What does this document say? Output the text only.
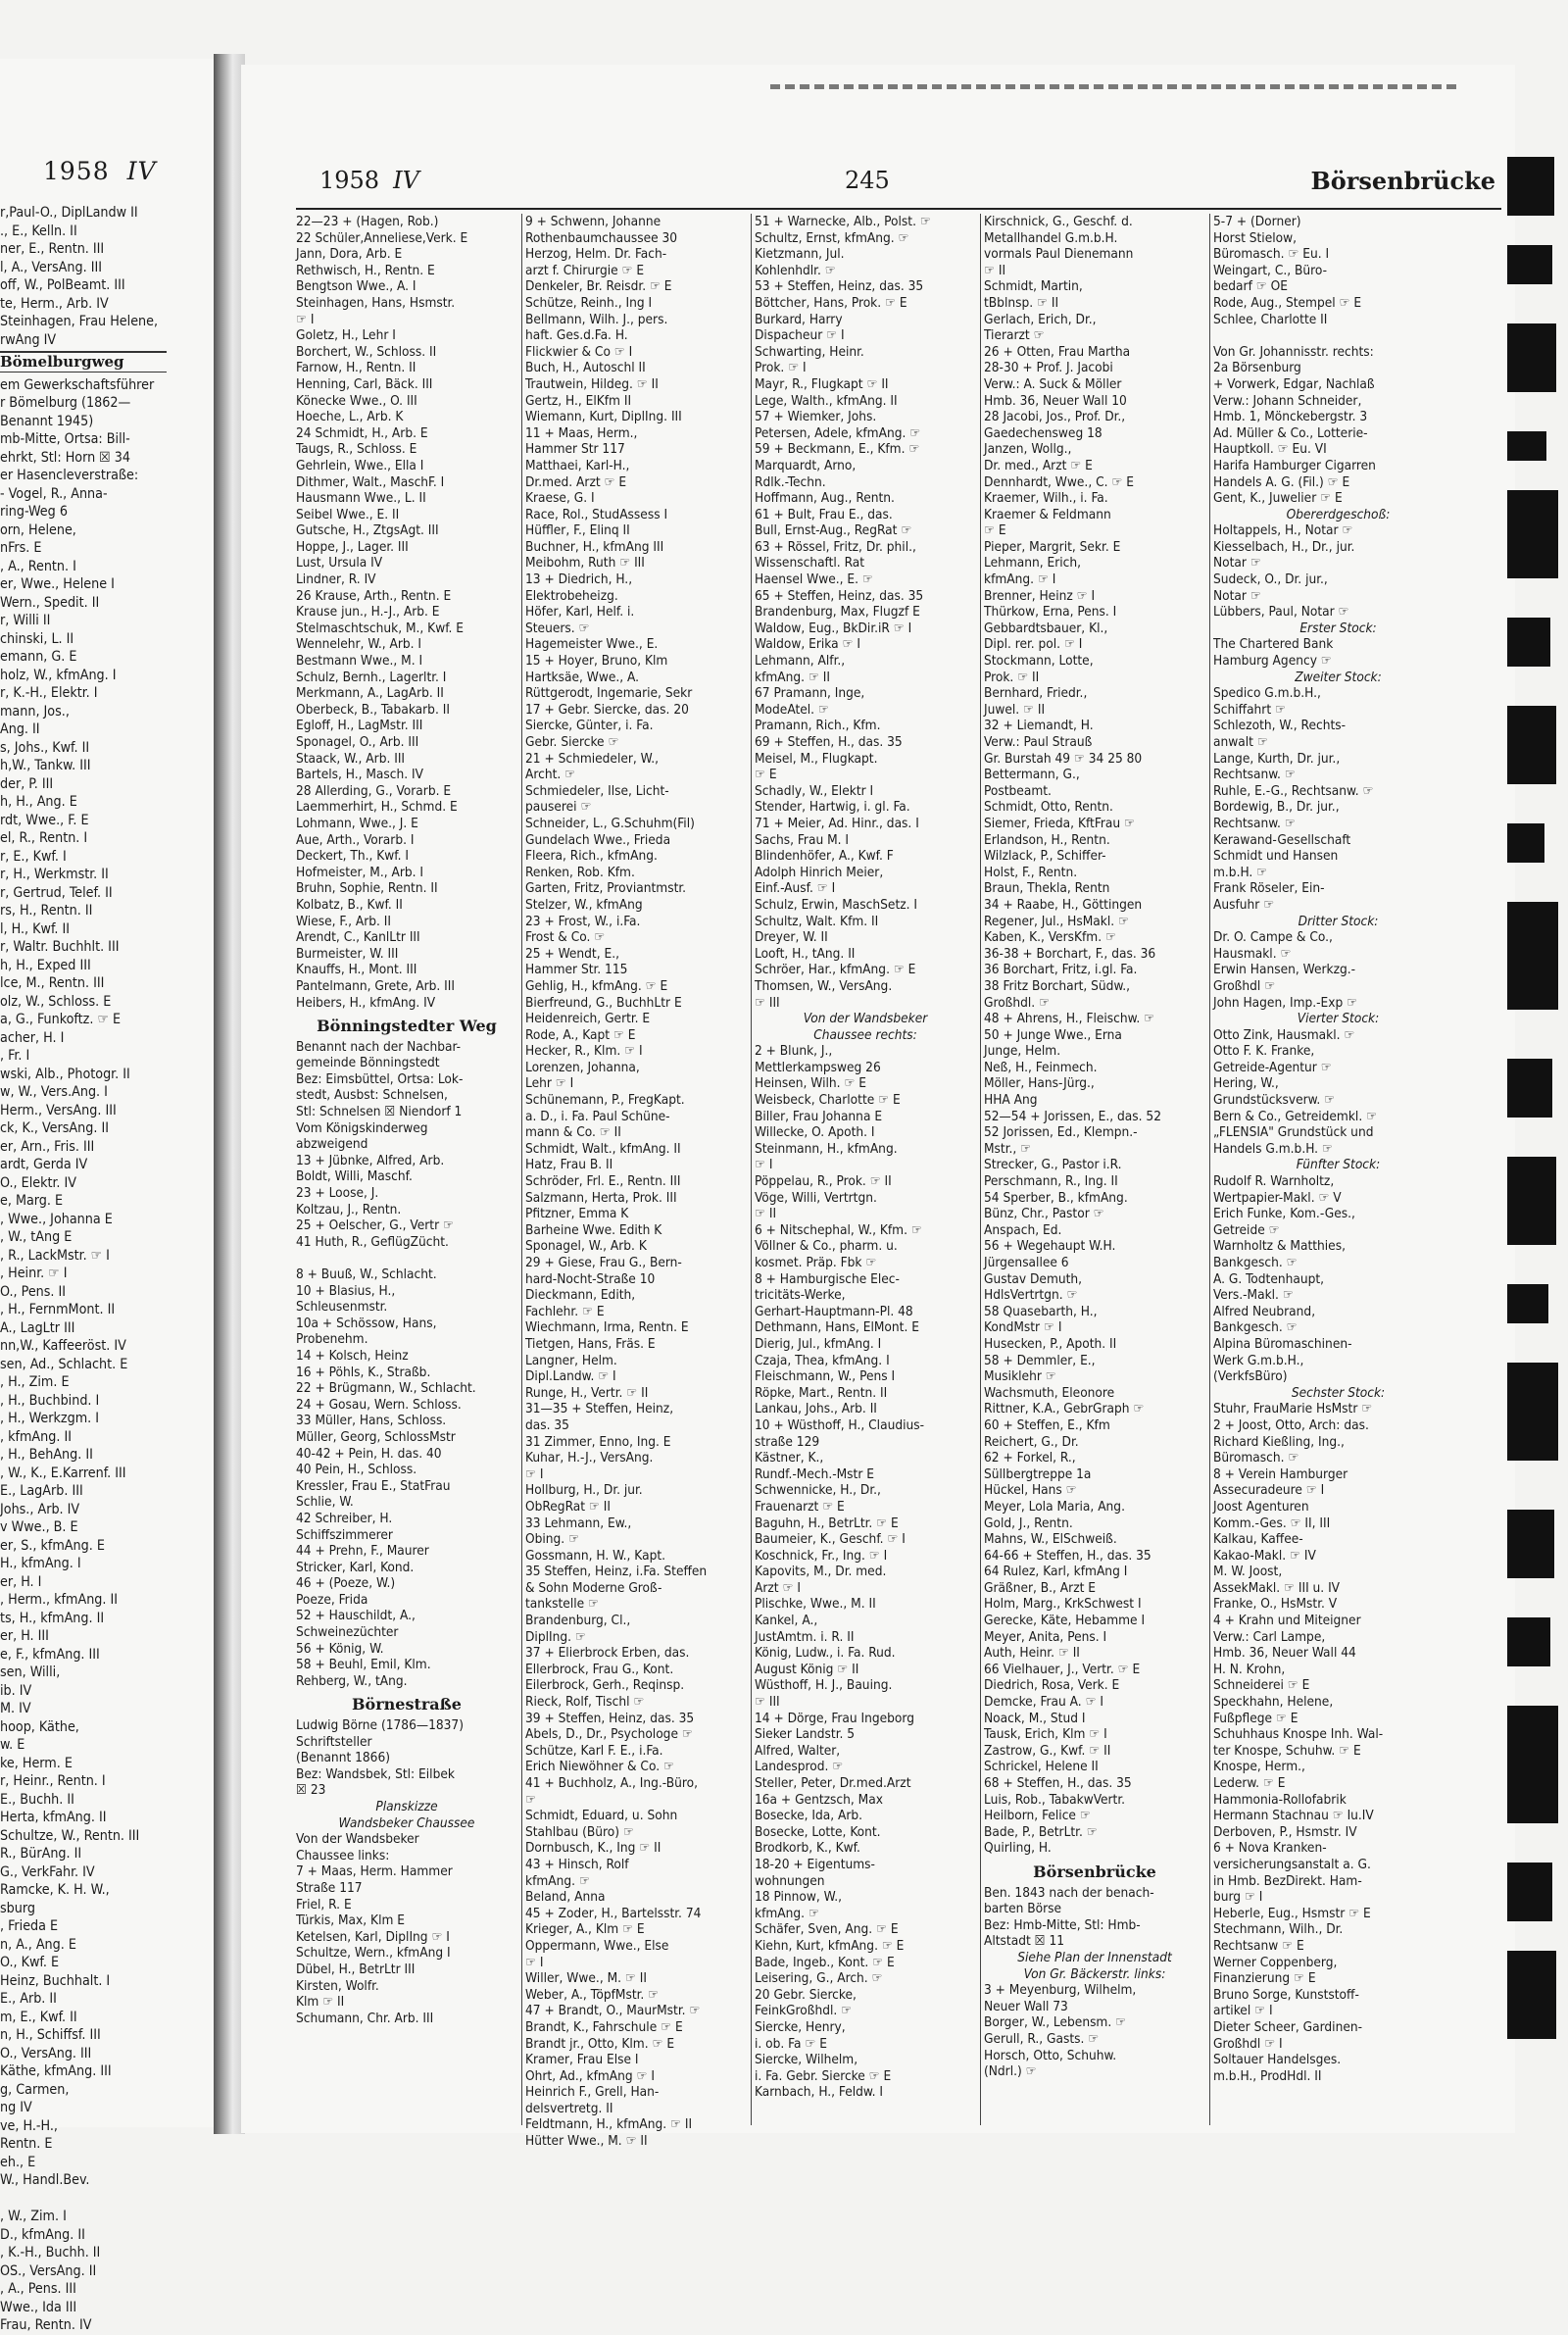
1958 IV
r,Paul-O., DiplLandw II
., E., Kelln. II
ner, E., Rentn. III
l, A., VersAng. III
off, W., PolBeamt. III
te, Herm., Arb. IV
Steinhagen, Frau Helene,
rwAng IV
Bömelburgweg
em Gewerkschaftsführer
r Bömelburg (1862—
Benannt 1945)
mb-Mitte, Ortsa: Bill-
ehrkt, Stl: Horn ☒ 34
er Hasencleverstraße:
- Vogel, R., Anna-
ring-Weg 6
orn, Helene,
nFrs. E
, A., Rentn. I
er, Wwe., Helene I
Wern., Spedit. II
r, Willi II
chinski, L. II
emann, G. E
holz, W., kfmAng. I
r, K.-H., Elektr. I
mann, Jos.,
Ang. II
s, Johs., Kwf. II
h,W., Tankw. III
der, P. III
h, H., Ang. E
rdt, Wwe., F. E
el, R., Rentn. I
r, E., Kwf. I
r, H., Werkmstr. II
r, Gertrud, Telef. II
rs, H., Rentn. II
l, H., Kwf. II
r, Waltr. Buchhlt. III
h, H., Exped III
lce, M., Rentn. III
olz, W., Schloss. E
a, G., Funkoftz. ☞ E
acher, H. I
, Fr. I
wski, Alb., Photogr. II
w, W., Vers.Ang. I
Herm., VersAng. III
ck, K., VersAng. II
er, Arn., Fris. III
ardt, Gerda IV
O., Elektr. IV
e, Marg. E
, Wwe., Johanna E
, W., tAng E
, R., LackMstr. ☞ I
, Heinr. ☞ I
O., Pens. II
, H., FernmMont. II
A., LagLtr III
nn,W., Kaffeeröst. IV
sen, Ad., Schlacht. E
, H., Zim. E
, H., Buchbind. I
, H., Werkzgm. I
, kfmAng. II
, H., BehAng. II
, W., K., E.Karrenf. III
E., LagArb. III
Johs., Arb. IV
v Wwe., B. E
er, S., kfmAng. E
H., kfmAng. I
er, H. I
, Herm., kfmAng. II
ts, H., kfmAng. II
er, H. III
e, F., kfmAng. III
sen, Willi,
ib. IV
M. IV
hoop, Käthe,
w. E
ke, Herm. E
r, Heinr., Rentn. I
E., Buchh. II
Herta, kfmAng. II
Schultze, W., Rentn. III
R., BürAng. II
G., VerkFahr. IV
Ramcke, K. H. W.,
sburg
, Frieda E
n, A., Ang. E
O., Kwf. E
Heinz, Buchhalt. I
E., Arb. II
m, E., Kwf. II
n, H., Schiffsf. III
O., VersAng. III
Käthe, kfmAng. III
g, Carmen,
ng IV
ve, H.-H.,
Rentn. E
eh., E
W., Handl.Bev.

, W., Zim. I
D., kfmAng. II
, K.-H., Buchh. II
OS., VersAng. II
, A., Pens. III
Wwe., Ida III
Frau, Rentn. IV
1958 IV	245	Börsenbrücke
22—23 + (Hagen, Rob.)
22 Schüler,Anneliese,Verk. E
Jann, Dora, Arb. E
Rethwisch, H., Rentn. E
Bengtson Wwe., A. I
Steinhagen, Hans, Hsmstr.
☞ I
Goletz, H., Lehr I
Borchert, W., Schloss. II
Farnow, H., Rentn. II
Henning, Carl, Bäck. III
Könecke Wwe., O. III
Hoeche, L., Arb. K
24 Schmidt, H., Arb. E
Taugs, R., Schloss. E
Gehrlein, Wwe., Ella I
Dithmer, Walt., MaschF. I
Hausmann Wwe., L. II
Seibel Wwe., E. II
Gutsche, H., ZtgsAgt. III
Hoppe, J., Lager. III
Lust, Ursula IV
Lindner, R. IV
26 Krause, Arth., Rentn. E
Krause jun., H.-J., Arb. E
Stelmaschtschuk, M., Kwf. E
Wennelehr, W., Arb. I
Bestmann Wwe., M. I
Schulz, Bernh., Lagerltr. I
Merkmann, A., LagArb. II
Oberbeck, B., Tabakarb. II
Egloff, H., LagMstr. III
Sponagel, O., Arb. III
Staack, W., Arb. III
Bartels, H., Masch. IV
28 Allerding, G., Vorarb. E
Laemmerhirt, H., Schmd. E
Lohmann, Wwe., J. E
Aue, Arth., Vorarb. I
Deckert, Th., Kwf. I
Hofmeister, M., Arb. I
Bruhn, Sophie, Rentn. II
Kolbatz, B., Kwf. II
Wiese, F., Arb. II
Arendt, C., KanlLtr III
Burmeister, W. III
Knauffs, H., Mont. III
Pantelmann, Grete, Arb. III
Heibers, H., kfmAng. IV
Bönningstedter Weg
Benannt nach der Nachbar-
gemeinde Bönningstedt
Bez: Eimsbüttel, Ortsa: Lok-
stedt, Ausbst: Schnelsen,
Stl: Schnelsen ☒ Niendorf 1
Vom Königskinderweg
abzweigend
13 + Jübnke, Alfred, Arb.
Boldt, Willi, Maschf.
23 + Loose, J.
Koltzau, J., Rentn.
25 + Oelscher, G., Vertr ☞
41 Huth, R., GeflügZücht.

8 + Buuß, W., Schlacht.
10 + Blasius, H.,
Schleusenmstr.
10a + Schössow, Hans,
Probenehm.
14 + Kolsch, Heinz
16 + Pöhls, K., Straßb.
22 + Brügmann, W., Schlacht.
24 + Gosau, Wern. Schloss.
33 Müller, Hans, Schloss.
Müller, Georg, SchlossMstr
40-42 + Pein, H. das. 40
40 Pein, H., Schloss.
Kressler, Frau E., StatFrau
Schlie, W.
42 Schreiber, H.
Schiffszimmerer
44 + Prehn, F., Maurer
Stricker, Karl, Kond.
46 + (Poeze, W.)
Poeze, Frida
52 + Hauschildt, A.,
Schweinezüchter
56 + König, W.
58 + Beuhl, Emil, Klm.
Rehberg, W., tAng.
Börnestraße
Ludwig Börne (1786—1837)
Schriftsteller
(Benannt 1866)
Bez: Wandsbek, Stl: Eilbek
☒ 23
Planskizze
Wandsbeker Chaussee
Von der Wandsbeker
Chaussee links:
7 + Maas, Herm. Hammer
Straße 117
Friel, R. E
Türkis, Max, Klm E
Ketelsen, Karl, DiplIng ☞ I
Schultze, Wern., kfmAng I
Dübel, H., BetrLtr III
Kirsten, Wolfr.
Klm ☞ II
Schumann, Chr. Arb. III
9 + Schwenn, Johanne
Rothenbaumchaussee 30
Herzog, Helm. Dr. Fach-
arzt f. Chirurgie ☞ E
Denkeler, Br. Reisdr. ☞ E
Schütze, Reinh., Ing I
Bellmann, Wilh. J., pers.
haft. Ges.d.Fa. H.
Flickwier & Co ☞ I
Buch, H., Autoschl II
Trautwein, Hildeg. ☞ II
Gertz, H., ElKfm II
Wiemann, Kurt, DiplIng. III
11 + Maas, Herm.,
Hammer Str 117
Matthaei, Karl-H.,
Dr.med. Arzt ☞ E
Kraese, G. I
Race, Rol., StudAssess I
Hüffler, F., Elinq II
Buchner, H., kfmAng III
Meibohm, Ruth ☞ III
13 + Diedrich, H.,
Elektrobeheizg.
Höfer, Karl, Helf. i.
Steuers. ☞
Hagemeister Wwe., E.
15 + Hoyer, Bruno, Klm
Hartksäe, Wwe., A.
Rüttgerodt, Ingemarie, Sekr
17 + Gebr. Siercke, das. 20
Siercke, Günter, i. Fa.
Gebr. Siercke ☞
21 + Schmiedeler, W.,
Archt. ☞
Schmiedeler, Ilse, Licht-
pauserei ☞
Schneider, L., G.Schuhm(Fil)
Gundelach Wwe., Frieda
Fleera, Rich., kfmAng.
Renken, Rob. Kfm.
Garten, Fritz, Proviantmstr.
Stelzer, W., kfmAng
23 + Frost, W., i.Fa.
Frost & Co. ☞
25 + Wendt, E.,
Hammer Str. 115
Gehlig, H., kfmAng. ☞ E
Bierfreund, G., BuchhLtr E
Heidenreich, Gertr. E
Rode, A., Kapt ☞ E
Hecker, R., Klm. ☞ I
Lorenzen, Johanna,
Lehr ☞ I
Schünemann, P., FregKapt.
a. D., i. Fa. Paul Schüne-
mann & Co. ☞ II
Schmidt, Walt., kfmAng. II
Hatz, Frau B. II
Schröder, Frl. E., Rentn. III
Salzmann, Herta, Prok. III
Pfitzner, Emma K
Barheine Wwe. Edith K
Sponagel, W., Arb. K
29 + Giese, Frau G., Bern-
hard-Nocht-Straße 10
Dieckmann, Edith,
Fachlehr. ☞ E
Wiechmann, Irma, Rentn. E
Tietgen, Hans, Fräs. E
Langner, Helm.
Dipl.Landw. ☞ I
Runge, H., Vertr. ☞ II
31—35 + Steffen, Heinz,
das. 35
31 Zimmer, Enno, Ing. E
Kuhar, H.-J., VersAng.
☞ I
Hollburg, H., Dr. jur.
ObRegRat ☞ II
33 Lehmann, Ew.,
Obing. ☞
Gossmann, H. W., Kapt.
35 Steffen, Heinz, i.Fa. Steffen
& Sohn Moderne Groß-
tankstelle ☞
Brandenburg, Cl.,
DiplIng. ☞
37 + Elierbrock Erben, das.
Ellerbrock, Frau G., Kont.
Eilerbrock, Gerh., Reqinsp.
Rieck, Rolf, Tischl ☞
39 + Steffen, Heinz, das. 35
Abels, D., Dr., Psychologe ☞
Schütze, Karl F. E., i.Fa.
Erich Niewöhner & Co. ☞
41 + Buchholz, A., Ing.-Büro,
☞
Schmidt, Eduard, u. Sohn
Stahlbau (Büro) ☞
Dornbusch, K., Ing ☞ II
43 + Hinsch, Rolf
kfmAng. ☞
Beland, Anna
45 + Zoder, H., Bartelsstr. 74
Krieger, A., Klm ☞ E
Oppermann, Wwe., Else
☞ I
Willer, Wwe., M. ☞ II
Weber, A., TöpfMstr. ☞
47 + Brandt, O., MaurMstr. ☞
Brandt, K., Fahrschule ☞ E
Brandt jr., Otto, Klm. ☞ E
Kramer, Frau Else I
Ohrt, Ad., kfmAng ☞ I
Heinrich F., Grell, Han-
delsvertretg. II
Feldtmann, H., kfmAng. ☞ II
Hütter Wwe., M. ☞ II
51 + Warnecke, Alb., Polst. ☞
Schultz, Ernst, kfmAng. ☞
Kietzmann, Jul.
Kohlenhdlr. ☞
53 + Steffen, Heinz, das. 35
Böttcher, Hans, Prok. ☞ E
Burkard, Harry
Dispacheur ☞ I
Schwarting, Heinr.
Prok. ☞ I
Mayr, R., Flugkapt ☞ II
Lege, Walth., kfmAng. II
57 + Wiemker, Johs.
Petersen, Adele, kfmAng. ☞
59 + Beckmann, E., Kfm. ☞
Marquardt, Arno,
Rdlk.-Techn.
Hoffmann, Aug., Rentn.
61 + Bult, Frau E., das.
Bull, Ernst-Aug., RegRat ☞
63 + Rössel, Fritz, Dr. phil.,
Wissenschaftl. Rat
Haensel Wwe., E. ☞
65 + Steffen, Heinz, das. 35
Brandenburg, Max, Flugzf E
Waldow, Eug., BkDir.iR ☞ I
Waldow, Erika ☞ I
Lehmann, Alfr.,
kfmAng. ☞ II
67 Pramann, Inge,
ModeAtel. ☞
Pramann, Rich., Kfm.
69 + Steffen, H., das. 35
Meisel, M., Flugkapt.
☞ E
Schadly, W., Elektr I
Stender, Hartwig, i. gl. Fa.
71 + Meier, Ad. Hinr., das. I
Sachs, Frau M. I
Blindenhöfer, A., Kwf. F
Adolph Hinrich Meier,
Einf.-Ausf. ☞ I
Schulz, Erwin, MaschSetz. I
Schultz, Walt. Kfm. II
Dreyer, W. II
Looft, H., tAng. II
Schröer, Har., kfmAng. ☞ E
Thomsen, W., VersAng.
☞ III
Von der Wandsbeker
Chaussee rechts:
2 + Blunk, J.,
Mettlerkampsweg 26
Heinsen, Wilh. ☞ E
Weisbeck, Charlotte ☞ E
Biller, Frau Johanna E
Willecke, O. Apoth. I
Steinmann, H., kfmAng.
☞ I
Pöppelau, R., Prok. ☞ II
Vöge, Willi, Vertrtgn.
☞ II
6 + Nitschephal, W., Kfm. ☞
Völlner & Co., pharm. u.
kosmet. Präp. Fbk ☞
8 + Hamburgische Elec-
tricitäts-Werke,
Gerhart-Hauptmann-Pl. 48
Dethmann, Hans, ElMont. E
Dierig, Jul., kfmAng. I
Czaja, Thea, kfmAng. I
Fleischmann, W., Pens I
Röpke, Mart., Rentn. II
Lankau, Johs., Arb. II
10 + Wüsthoff, H., Claudius-
straße 129
Kästner, K.,
Rundf.-Mech.-Mstr E
Schwennicke, H., Dr.,
Frauenarzt ☞ E
Baguhn, H., BetrLtr. ☞ E
Baumeier, K., Geschf. ☞ I
Koschnick, Fr., Ing. ☞ I
Kapovits, M., Dr. med.
Arzt ☞ I
Plischke, Wwe., M. II
Kankel, A.,
JustAmtm. i. R. II
König, Ludw., i. Fa. Rud.
August König ☞ II
Wüsthoff, H. J., Bauing.
☞ III
14 + Dörge, Frau Ingeborg
Sieker Landstr. 5
Alfred, Walter,
Landesprod. ☞
Steller, Peter, Dr.med.Arzt
16a + Gentzsch, Max
Bosecke, Ida, Arb.
Bosecke, Lotte, Kont.
Brodkorb, K., Kwf.
18-20 + Eigentums-
wohnungen
18 Pinnow, W.,
kfmAng. ☞
Schäfer, Sven, Ang. ☞ E
Kiehn, Kurt, kfmAng. ☞ E
Bade, Ingeb., Kont. ☞ E
Leisering, G., Arch. ☞
20 Gebr. Siercke,
FeinkGroßhdl. ☞
Siercke, Henry,
i. ob. Fa ☞ E
Siercke, Wilhelm,
i. Fa. Gebr. Siercke ☞ E
Karnbach, H., Feldw. I
Kirschnick, G., Geschf. d.
Metallhandel G.m.b.H.
vormals Paul Dienemann
☞ II
Schmidt, Martin,
tBblnsp. ☞ II
Gerlach, Erich, Dr.,
Tierarzt ☞
26 + Otten, Frau Martha
28-30 + Prof. J. Jacobi
Verw.: A. Suck & Möller
Hmb. 36, Neuer Wall 10
28 Jacobi, Jos., Prof. Dr.,
Gaedechensweg 18
Janzen, Wollg.,
Dr. med., Arzt ☞ E
Dennhardt, Wwe., C. ☞ E
Kraemer, Wilh., i. Fa.
Kraemer & Feldmann
☞ E
Pieper, Margrit, Sekr. E
Lehmann, Erich,
kfmAng. ☞ I
Brenner, Heinz ☞ I
Thürkow, Erna, Pens. I
Gebbardtsbauer, Kl.,
Dipl. rer. pol. ☞ I
Stockmann, Lotte,
Prok. ☞ II
Bernhard, Friedr.,
Juwel. ☞ II
32 + Liemandt, H.
Verw.: Paul Strauß
Gr. Burstah 49 ☞ 34 25 80
Bettermann, G.,
Postbeamt.
Schmidt, Otto, Rentn.
Siemer, Frieda, KftFrau ☞
Erlandson, H., Rentn.
Wilzlack, P., Schiffer-
Holst, F., Rentn.
Braun, Thekla, Rentn
34 + Raabe, H., Göttingen
Regener, Jul., HsMakl. ☞
Kaben, K., VersKfm. ☞
36-38 + Borchart, F., das. 36
36 Borchart, Fritz, i.gl. Fa.
38 Fritz Borchart, Südw.,
Großhdl. ☞
48 + Ahrens, H., Fleischw. ☞
50 + Junge Wwe., Erna
Junge, Helm.
Neß, H., Feinmech.
Möller, Hans-Jürg.,
HHA Ang
52—54 + Jorissen, E., das. 52
52 Jorissen, Ed., Klempn.-
Mstr., ☞
Strecker, G., Pastor i.R.
Perschmann, R., Ing. II
54 Sperber, B., kfmAng.
Bünz, Chr., Pastor ☞
Anspach, Ed.
56 + Wegehaupt W.H.
Jürgensallee 6
Gustav Demuth,
HdlsVertrtgn. ☞
58 Quasebarth, H.,
KondMstr ☞ I
Husecken, P., Apoth. II
58 + Demmler, E.,
Musiklehr ☞
Wachsmuth, Eleonore
Rittner, K.A., GebrGraph ☞
60 + Steffen, E., Kfm
Reichert, G., Dr.
62 + Forkel, R.,
Süllbergtreppe 1a
Hückel, Hans ☞
Meyer, Lola Maria, Ang.
Gold, J., Rentn.
Mahns, W., ElSchweiß.
64-66 + Steffen, H., das. 35
64 Rulez, Karl, kfmAng I
Gräßner, B., Arzt E
Holm, Marg., KrkSchwest I
Gerecke, Käte, Hebamme I
Meyer, Anita, Pens. I
Auth, Heinr. ☞ II
66 Vielhauer, J., Vertr. ☞ E
Diedrich, Rosa, Verk. E
Demcke, Frau A. ☞ I
Noack, M., Stud I
Tausk, Erich, Klm ☞ I
Zastrow, G., Kwf. ☞ II
Schrickel, Helene II
68 + Steffen, H., das. 35
Luis, Rob., TabakwVertr.
Heilborn, Felice ☞
Bade, P., BetrLtr. ☞
Quirling, H.
Börsenbrücke
Ben. 1843 nach der benach-
barten Börse
Bez: Hmb-Mitte, Stl: Hmb-
Altstadt ☒ 11
Siehe Plan der Innenstadt
Von Gr. Bäckerstr. links:
3 + Meyenburg, Wilhelm,
Neuer Wall 73
Borger, W., Lebensm. ☞
Gerull, R., Gasts. ☞
Horsch, Otto, Schuhw.
(Ndrl.) ☞
5-7 + (Dorner)
Horst Stielow,
Büromasch. ☞ Eu. I
Weingart, C., Büro-
bedarf ☞ OE
Rode, Aug., Stempel ☞ E
Schlee, Charlotte II

Von Gr. Johannisstr. rechts:
2a Börsenburg
+ Vorwerk, Edgar, Nachlaß
Verw.: Johann Schneider,
Hmb. 1, Mönckebergstr. 3
Ad. Müller & Co., Lotterie-
Hauptkoll. ☞ Eu. VI
Harifa Hamburger Cigarren
Handels A. G. (Fil.) ☞ E
Gent, K., Juwelier ☞ E
Obererdgeschoß:
Holtappels, H., Notar ☞
Kiesselbach, H., Dr., jur.
Notar ☞
Sudeck, O., Dr. jur.,
Notar ☞
Lübbers, Paul, Notar ☞
Erster Stock:
The Chartered Bank
Hamburg Agency ☞
Zweiter Stock:
Spedico G.m.b.H.,
Schiffahrt ☞
Schlezoth, W., Rechts-
anwalt ☞
Lange, Kurth, Dr. jur.,
Rechtsanw. ☞
Ruhle, E.-G., Rechtsanw. ☞
Bordewig, B., Dr. jur.,
Rechtsanw. ☞
Kerawand-Gesellschaft
Schmidt und Hansen
m.b.H. ☞
Frank Röseler, Ein-
Ausfuhr ☞
Dritter Stock:
Dr. O. Campe & Co.,
Hausmakl. ☞
Erwin Hansen, Werkzg.-
Großhdl ☞
John Hagen, Imp.-Exp ☞
Vierter Stock:
Otto Zink, Hausmakl. ☞
Otto F. K. Franke,
Getreide-Agentur ☞
Hering, W.,
Grundstücksverw. ☞
Bern & Co., Getreidemkl. ☞
„FLENSIA" Grundstück und
Handels G.m.b.H. ☞
Fünfter Stock:
Rudolf R. Warnholtz,
Wertpapier-Makl. ☞ V
Erich Funke, Kom.-Ges.,
Getreide ☞
Warnholtz & Matthies,
Bankgesch. ☞
A. G. Todtenhaupt,
Vers.-Makl. ☞
Alfred Neubrand,
Bankgesch. ☞
Alpina Büromaschinen-
Werk G.m.b.H.,
(VerkfsBüro)
Sechster Stock:
Stuhr, FrauMarie HsMstr ☞
2 + Joost, Otto, Arch: das.
Richard Kießling, Ing.,
Büromasch. ☞
8 + Verein Hamburger
Assecuradeure ☞ I
Joost Agenturen
Komm.-Ges. ☞ II, III
Kalkau, Kaffee-
Kakao-Makl. ☞ IV
M. W. Joost,
AssekMakl. ☞ III u. IV
Franke, O., HsMstr. V
4 + Krahn und Miteigner
Verw.: Carl Lampe,
Hmb. 36, Neuer Wall 44
H. N. Krohn,
Schneiderei ☞ E
Speckhahn, Helene,
Fußpflege ☞ E
Schuhhaus Knospe Inh. Wal-
ter Knospe, Schuhw. ☞ E
Knospe, Herm.,
Lederw. ☞ E
Hammonia-Rollofabrik
Hermann Stachnau ☞ Iu.IV
Derboven, P., Hsmstr. IV
6 + Nova Kranken-
versicherungsanstalt a. G.
in Hmb. BezDirekt. Ham-
burg ☞ I
Heberle, Eug., Hsmstr ☞ E
Stechmann, Wilh., Dr.
Rechtsanw ☞ E
Werner Coppenberg,
Finanzierung ☞ E
Bruno Sorge, Kunststoff-
artikel ☞ I
Dieter Scheer, Gardinen-
Großhdl ☞ I
Soltauer Handelsges.
m.b.H., ProdHdl. II
